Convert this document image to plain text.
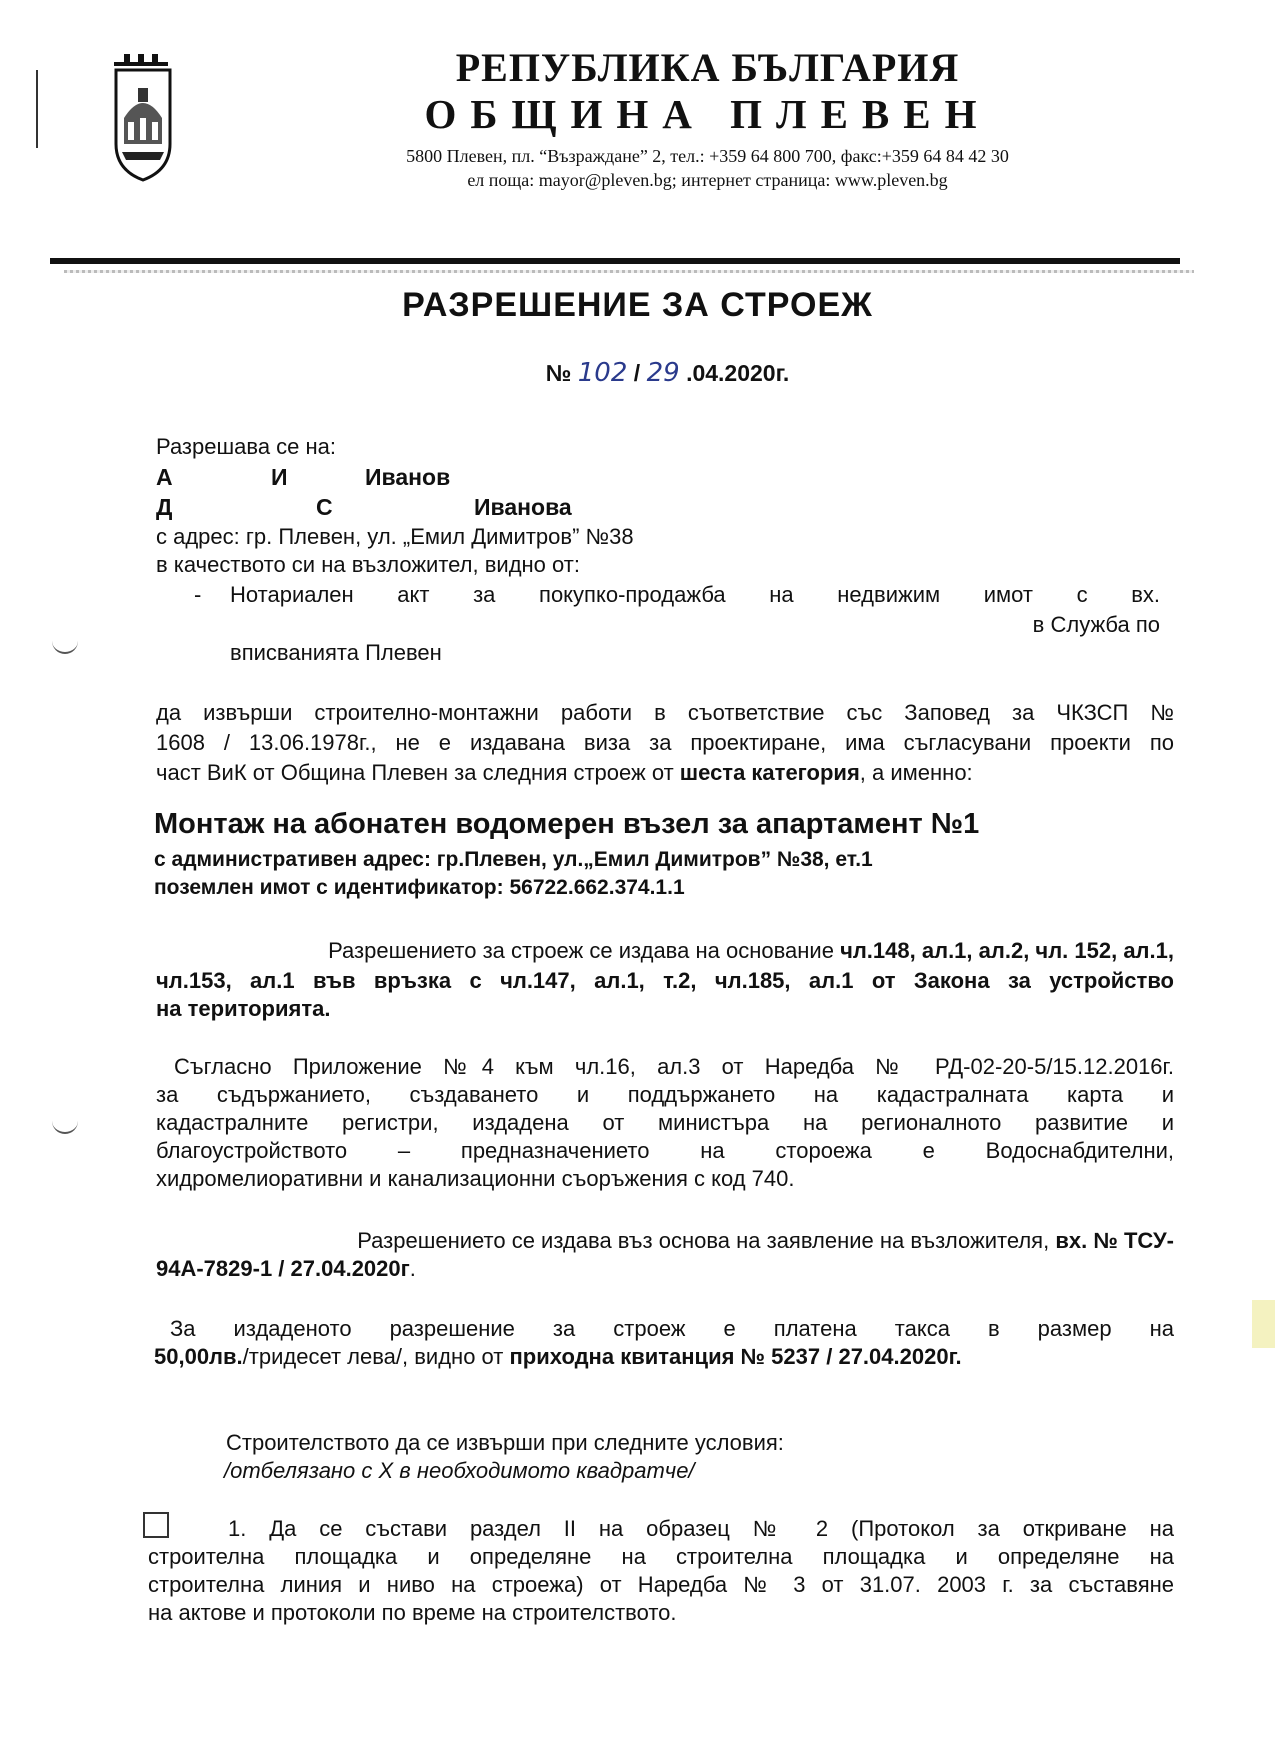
РЕПУБЛИКА БЪЛГАРИЯ
ОБЩИНА ПЛЕВЕН
5800 Плевен, пл. “Възраждане” 2, тел.: +359 64 800 700, факс:+359 64 84 42 30
ел поща: mayor@pleven.bg; интернет страница: www.pleven.bg
РАЗРЕШЕНИЕ ЗА СТРОЕЖ
№ 102 / 29 .04.2020г.
Разрешава се на:
А	И	Иванов
Д	С	Иванова
с адрес: гр. Плевен, ул. „Емил Димитров” №38
в качеството си на възложител, видно от:
- Нотариален акт за покупко-продажба на недвижим имот с вх.
в Служба по
вписванията Плевен
да извърши строително-монтажни работи в съответствие със Заповед за ЧКЗСП №
1608 / 13.06.1978г., не е издавана виза за проектиране, има съгласувани проекти по
част ВиК от Община Плевен за следния строеж от шеста категория, а именно:
Монтаж на абонатен водомерен възел за апартамент №1
с административен адрес: гр.Плевен, ул.„Емил Димитров” №38, ет.1
поземлен имот с идентификатор: 56722.662.374.1.1
Разрешението за строеж се издава на основание чл.148, ал.1, ал.2, чл. 152, ал.1,
чл.153, ал.1 във връзка с чл.147, ал.1, т.2, чл.185, ал.1 от Закона за устройство
на територията.
Съгласно Приложение №4 към чл.16, ал.3 от Наредба № РД-02-20-5/15.12.2016г.
за съдържанието, създаването и поддържането на кадастралната карта и
кадастралните регистри, издадена от министъра на регионалното развитие и
благоустройството – предназначението на стороежа е Водоснабдителни,
хидромелиоративни и канализационни съоръжения с код 740.
Разрешението се издава въз основа на заявление на възложителя, вх. № ТСУ-
94А-7829-1 / 27.04.2020г.
За издаденото разрешение за строеж е платена такса в размер на
50,00лв./тридесет лева/, видно от приходна квитанция № 5237 / 27.04.2020г.
Строителството да се извърши при следните условия:
/отбелязано с Х в необходимото квадратче/
1. Да се състави раздел II на образец № 2 (Протокол за откриване на
строителна площадка и определяне на строителна площадка и определяне на
строителна линия и ниво на строежа) от Наредба № 3 от 31.07. 2003 г. за съставяне
на актове и протоколи по време на строителството.
